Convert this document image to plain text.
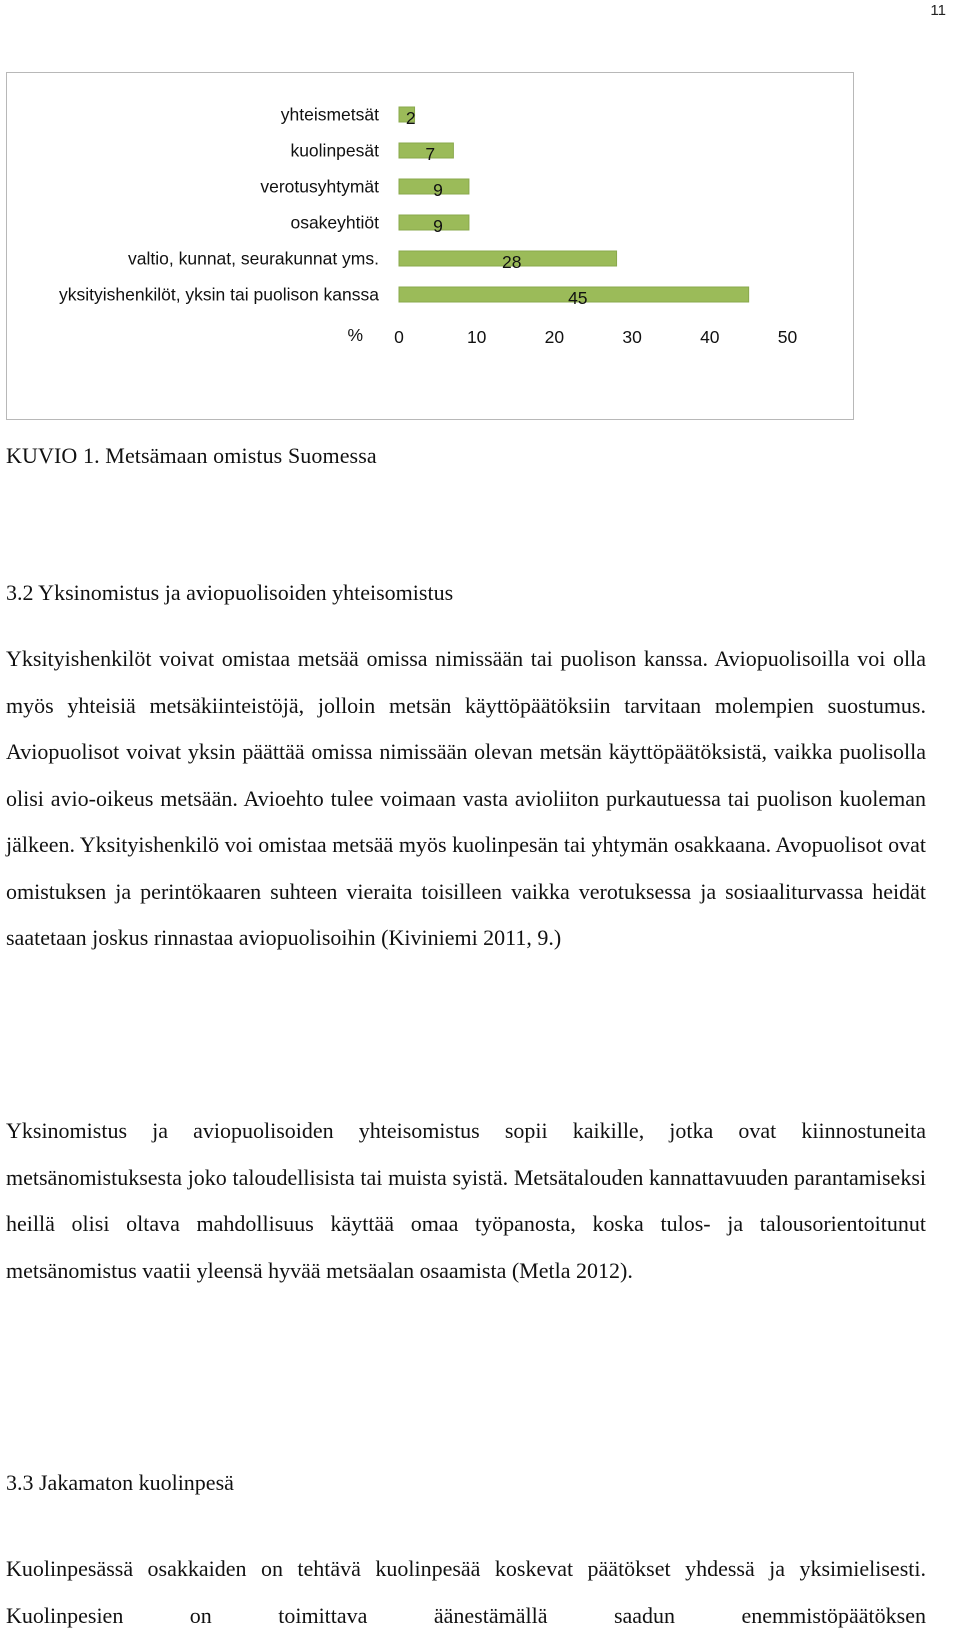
11
yhteismetsät
kuolinpesät
verotusyhtymät
osakeyhtiöt
valtio, kunnat, seurakunnat yms.
yksityishenkilöt, yksin tai puolison kanssa
2
7
9
9
28
45
% 0	10	20	30	40	50
KUVIO 1. Metsämaan omistus Suomessa
3.2 Yksinomistus ja aviopuolisoiden yhteisomistus
Yksityishenkilöt voivat omistaa metsää omissa nimissään tai puolison kanssa. Aviopuolisoilla voi olla myös yhteisiä metsäkiinteistöjä, jolloin metsän käyttöpäätöksiin tarvitaan molempien suostumus. Aviopuolisot voivat yksin päättää omissa nimissään olevan metsän käyttöpäätöksistä, vaikka puolisolla olisi avio-oikeus metsään. Avioehto tulee voimaan vasta avioliiton purkautuessa tai puolison kuoleman jälkeen. Yksityishenkilö voi omistaa metsää myös kuolinpesän tai yhtymän osakkaana. Avopuolisot ovat omistuksen ja perintökaaren suhteen vieraita toisilleen vaikka verotuksessa ja sosiaaliturvassa heidät saatetaan joskus rinnastaa aviopuolisoihin (Kiviniemi 2011, 9.)
Yksinomistus ja aviopuolisoiden yhteisomistus sopii kaikille, jotka ovat kiinnostuneita metsänomistuksesta joko taloudellisista tai muista syistä. Metsätalouden kannattavuuden parantamiseksi heillä olisi oltava mahdollisuus käyttää omaa työpanosta, koska tulos- ja talousorientoitunut metsänomistus vaatii yleensä hyvää metsäalan osaamista (Metla 2012).
3.3 Jakamaton kuolinpesä
Kuolinpesässä osakkaiden on tehtävä kuolinpesää koskevat päätökset yhdessä ja yksimielisesti. Kuolinpesien on toimittava äänestämällä saadun enemmistöpäätöksen
